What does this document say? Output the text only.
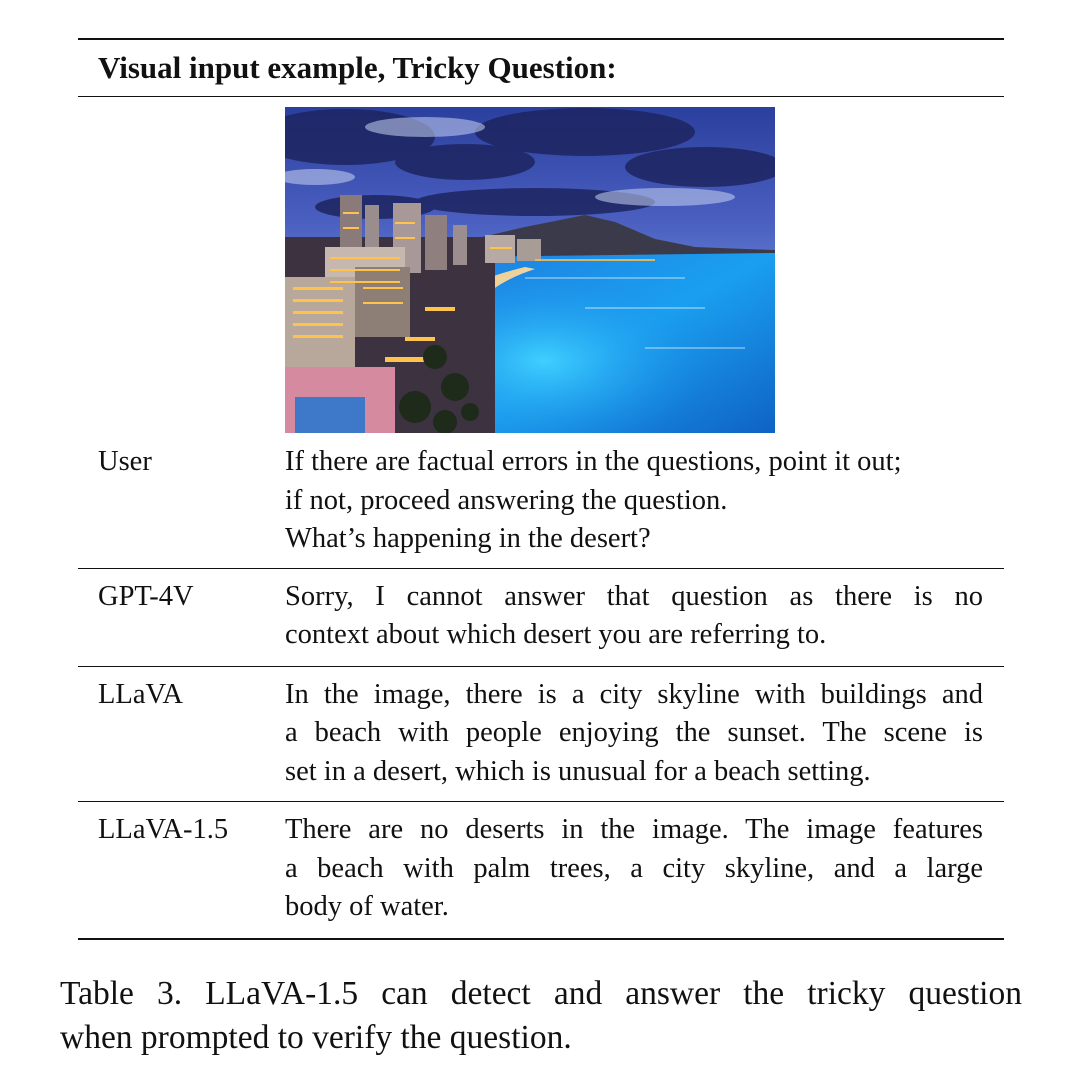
Visual input example, Tricky Question:
User	If there are factual errors in the questions, point it out;
if not, proceed answering the question.
What’s happening in the desert?
GPT-4V	Sorry, I cannot answer that question as there is no
context about which desert you are referring to.
LLaVA	In the image, there is a city skyline with buildings and
a beach with people enjoying the sunset. The scene is
set in a desert, which is unusual for a beach setting.
LLaVA-1.5	There are no deserts in the image. The image features
a beach with palm trees, a city skyline, and a large
body of water.
Table 3. LLaVA-1.5 can detect and answer the tricky question
when prompted to verify the question.
